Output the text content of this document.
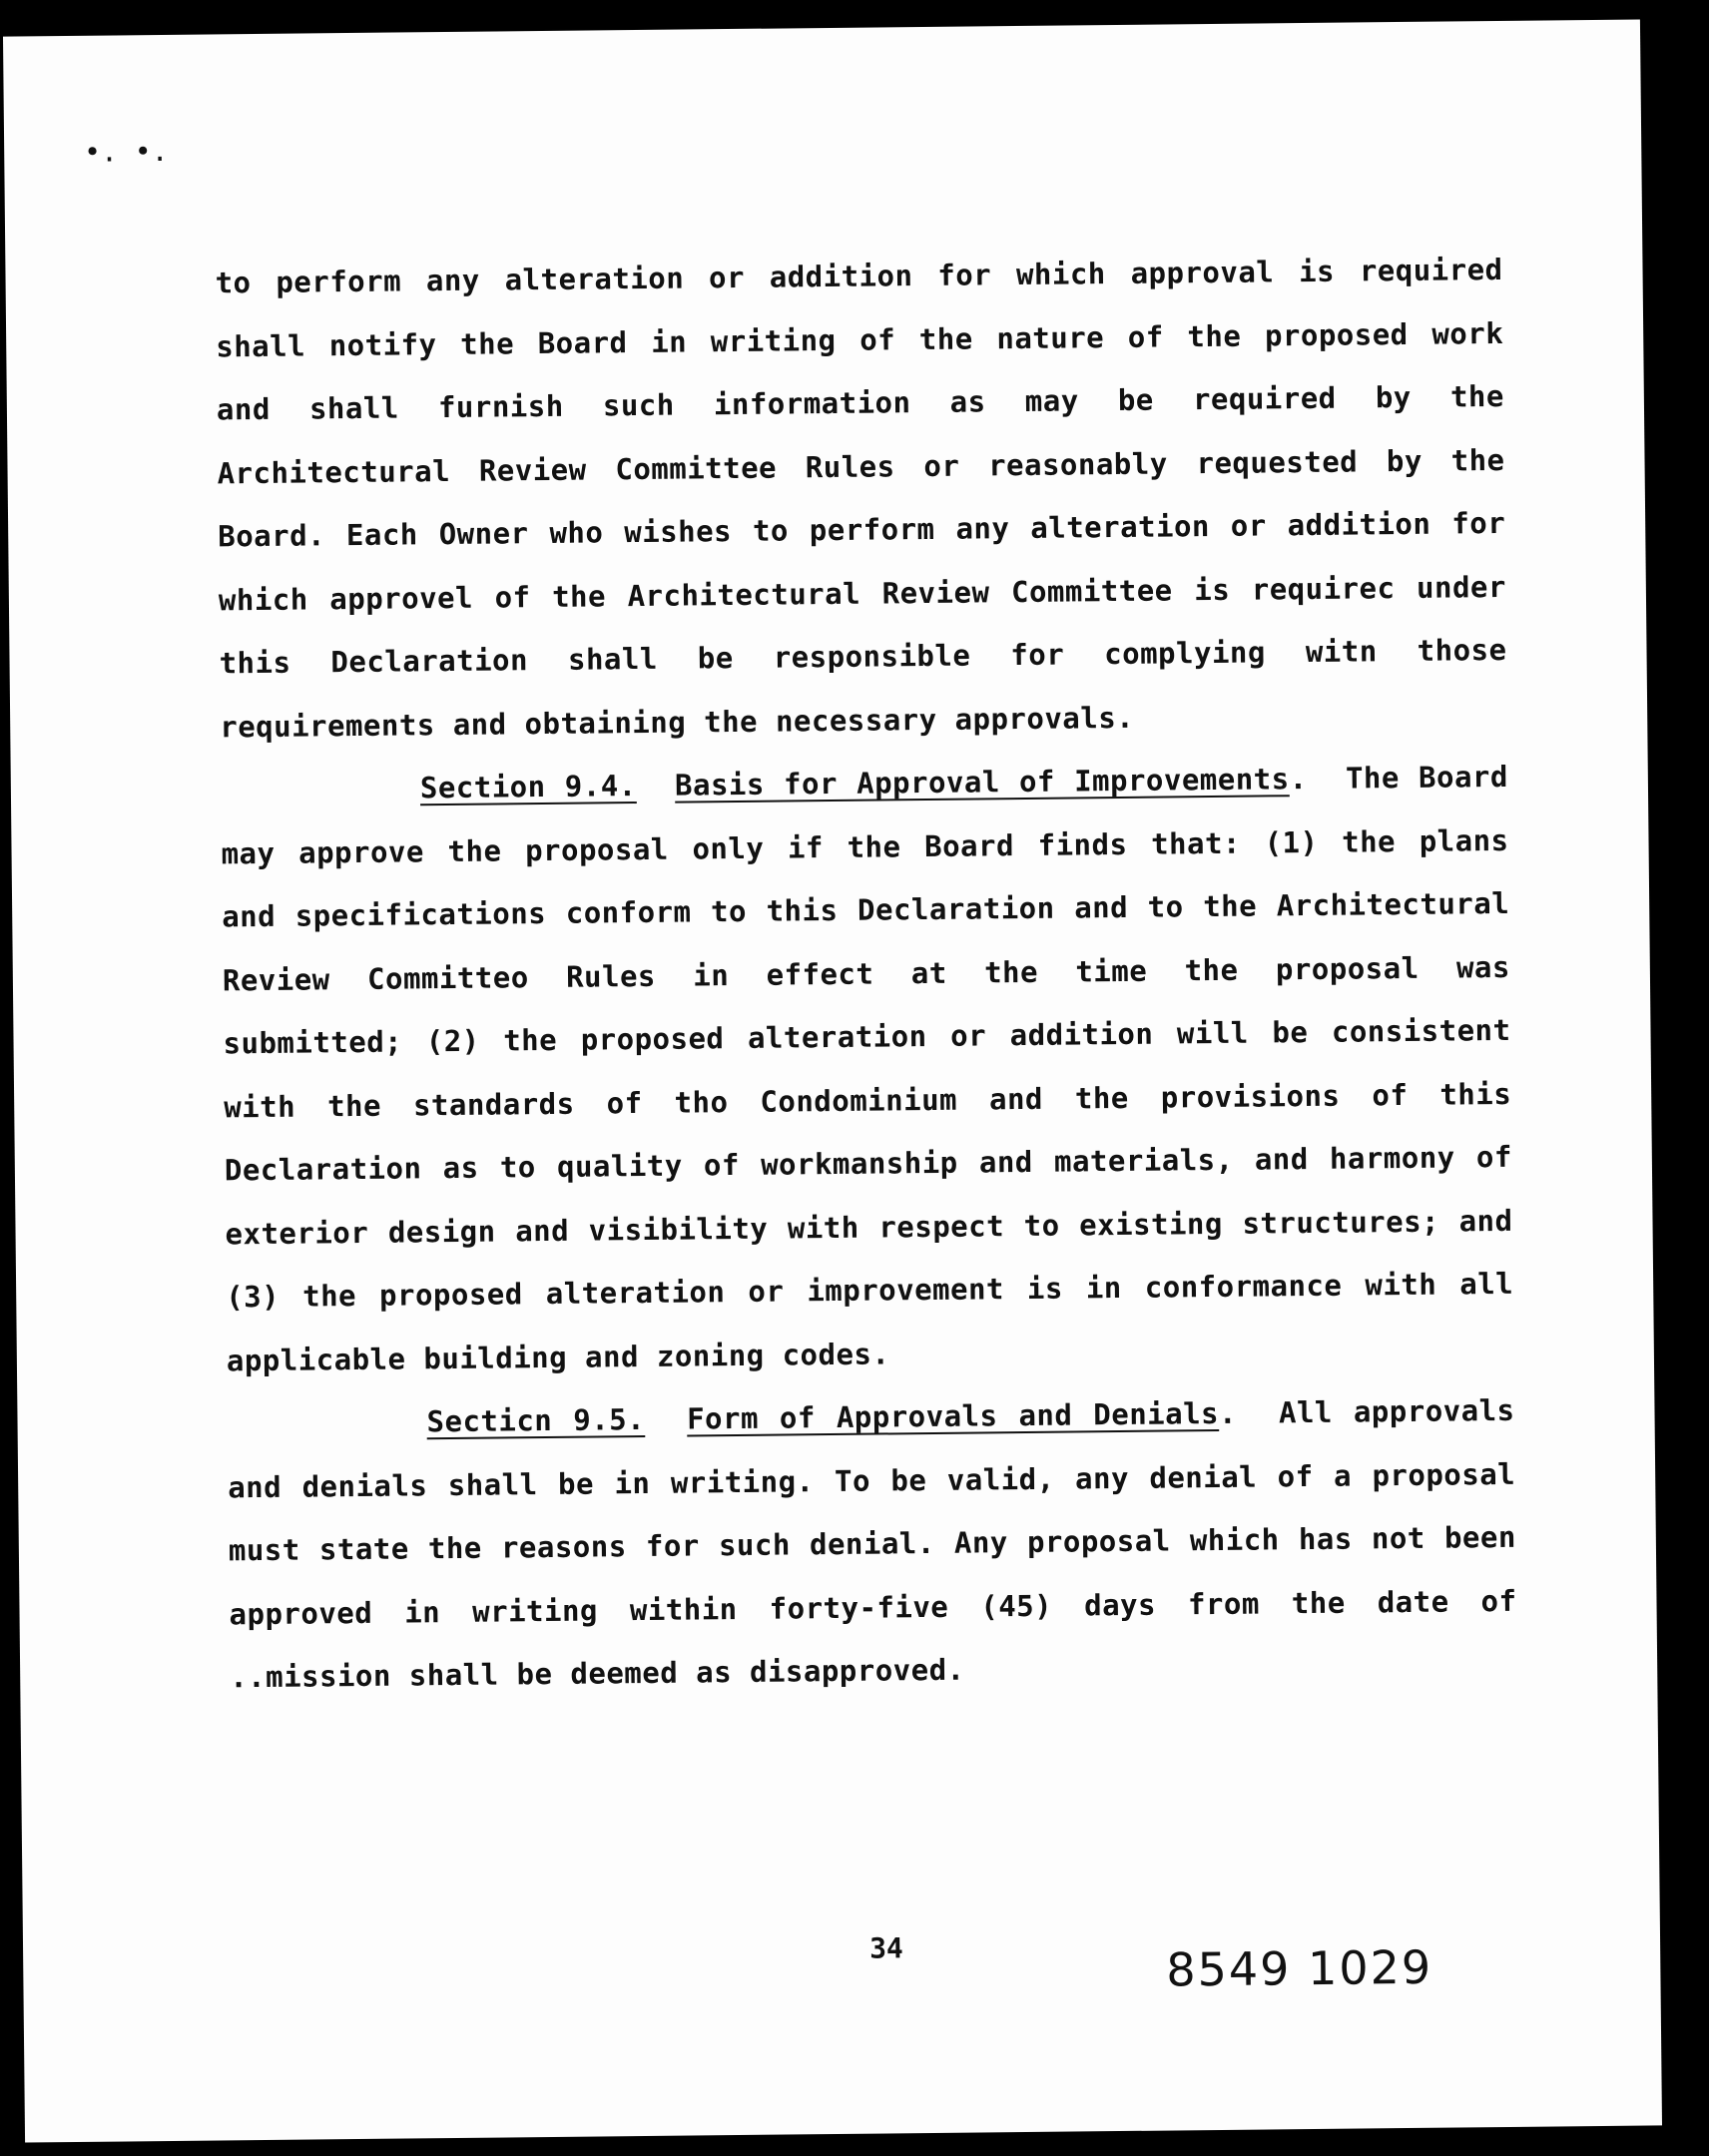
•. •.

to perform any alteration or addition for which approval is required shall notify the Board in writing of the nature of the proposed work and shall furnish such information as may be required by the Architectural Review Committee Rules or reasonably requested by the Board. Each Owner who wishes to perform any alteration or addition for which approvel of the Architectural Review Committee is requirec under this Declaration shall be responsible for complying witn those requirements and obtaining the necessary approvals.

Section 9.4. Basis for Approval of Improvements. The Board may approve the proposal only if the Board finds that: (1) the plans and specifications conform to this Declaration and to the Architectural Review Committeo Rules in effect at the time the proposal was submitted; (2) the proposed alteration or addition will be consistent with the standards of tho Condominium and the provisions of this Declaration as to quality of workmanship and materials, and harmony of exterior design and visibility with respect to existing structures; and (3) the proposed alteration or improvement is in conformance with all applicable building and zoning codes.

Secticn 9.5. Form of Approvals and Denials. All approvals and denials shall be in writing. To be valid, any denial of a proposal must state the reasons for such denial. Any proposal which has not been approved in writing within forty-five (45) days from the date of ..mission shall be deemed as disapproved.

34	8549 1029
